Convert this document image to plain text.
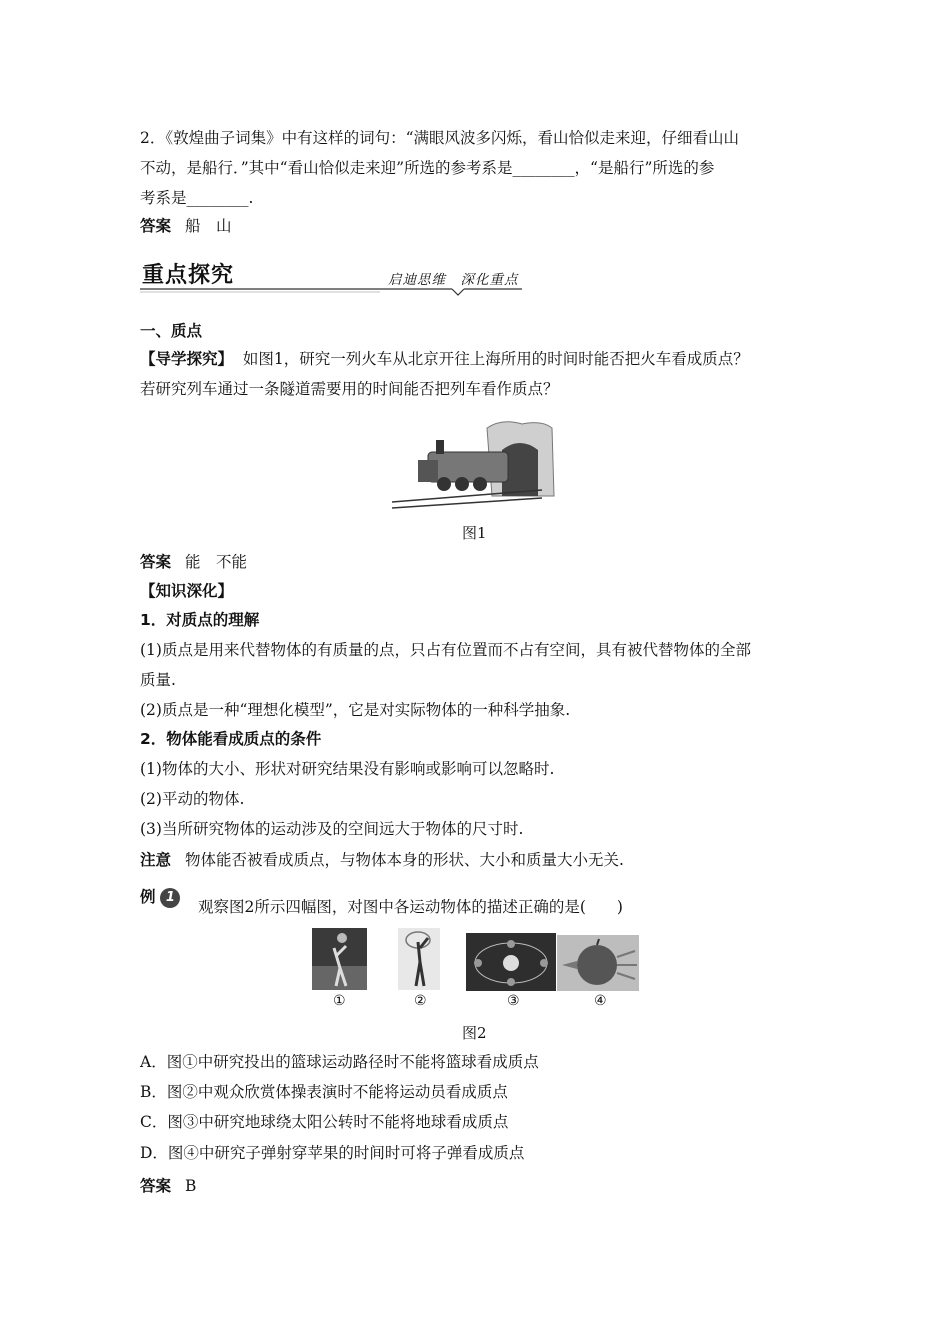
2．《敦煌曲子词集》中有这样的词句：“满眼风波多闪烁，看山恰似走来迎，仔细看山山
不动，是船行．”其中“看山恰似走来迎”所选的参考系是________，“是船行”所选的参
考系是________.
答案 船　山
重点探究	启迪思维　深化重点
一、质点
【导学探究】 如图1，研究一列火车从北京开往上海所用的时间时能否把火车看成质点？
若研究列车通过一条隧道需要用的时间能否把列车看作质点？
图1
答案 能　不能
【知识深化】
1．对质点的理解
(1)质点是用来代替物体的有质量的点，只占有位置而不占有空间，具有被代替物体的全部
质量.
(2)质点是一种“理想化模型”，它是对实际物体的一种科学抽象.
2．物体能看成质点的条件
(1)物体的大小、形状对研究结果没有影响或影响可以忽略时.
(2)平动的物体.
(3)当所研究物体的运动涉及的空间远大于物体的尺寸时.
注意 物体能否被看成质点，与物体本身的形状、大小和质量大小无关.
例 1
观察图2所示四幅图，对图中各运动物体的描述正确的是(　　)
①	②	③	④
图2
A．图①中研究投出的篮球运动路径时不能将篮球看成质点
B．图②中观众欣赏体操表演时不能将运动员看成质点
C．图③中研究地球绕太阳公转时不能将地球看成质点
D．图④中研究子弹射穿苹果的时间时可将子弹看成质点
答案 B
